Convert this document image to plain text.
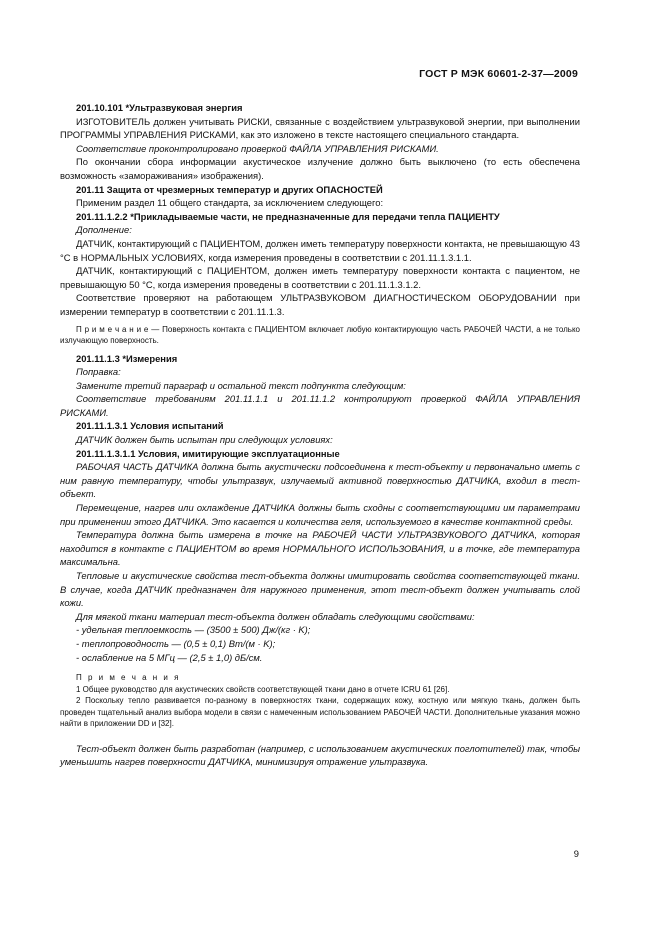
ГОСТ Р МЭК 60601-2-37—2009

201.10.101 *Ультразвуковая энергия

ИЗГОТОВИТЕЛЬ должен учитывать РИСКИ, связанные с воздействием ультразвуковой энергии, при выполнении ПРОГРАММЫ УПРАВЛЕНИЯ РИСКАМИ, как это изложено в тексте настоящего специального стандарта.

Соответствие проконтролировано проверкой ФАЙЛА УПРАВЛЕНИЯ РИСКАМИ.

По окончании сбора информации акустическое излучение должно быть выключено (то есть обеспечена возможность «замораживания» изображения).

201.11 Защита от чрезмерных температур и других ОПАСНОСТЕЙ

Применим раздел 11 общего стандарта, за исключением следующего:

201.11.1.2.2 *Прикладываемые части, не предназначенные для передачи тепла ПАЦИЕНТУ

Дополнение:

ДАТЧИК, контактирующий с ПАЦИЕНТОМ, должен иметь температуру поверхности контакта, не превышающую 43 °С в НОРМАЛЬНЫХ УСЛОВИЯХ, когда измерения проведены в соответствии с 201.11.1.3.1.1.

ДАТЧИК, контактирующий с ПАЦИЕНТОМ, должен иметь температуру поверхности контакта с пациентом, не превышающую 50 °С, когда измерения проведены в соответствии с 201.11.1.3.1.2.

Соответствие проверяют на работающем УЛЬТРАЗВУКОВОМ ДИАГНОСТИЧЕСКОМ ОБОРУДОВАНИИ при измерении температур в соответствии с 201.11.1.3.

П р и м е ч а н и е — Поверхность контакта с ПАЦИЕНТОМ включает любую контактирующую часть РАБОЧЕЙ ЧАСТИ, а не только излучающую поверхность.

201.11.1.3 *Измерения

Поправка:

Замените третий параграф и остальной текст подпункта следующим:

Соответствие требованиям 201.11.1.1 и 201.11.1.2 контролируют проверкой ФАЙЛА УПРАВЛЕНИЯ РИСКАМИ.

201.11.1.3.1 Условия испытаний

ДАТЧИК должен быть испытан при следующих условиях:

201.11.1.3.1.1 Условия, имитирующие эксплуатационные

РАБОЧАЯ ЧАСТЬ ДАТЧИКА должна быть акустически подсоединена к тест-объекту и первоначально иметь с ним равную температуру, чтобы ультразвук, излучаемый активной поверхностью ДАТЧИКА, входил в тест-объект.

Перемещение, нагрев или охлаждение ДАТЧИКА должны быть сходны с соответствующими им параметрами при применении этого ДАТЧИКА. Это касается и количества геля, используемого в качестве контактной среды.

Температура должна быть измерена в точке на РАБОЧЕЙ ЧАСТИ УЛЬТРАЗВУКОВОГО ДАТЧИКА, которая находится в контакте с ПАЦИЕНТОМ во время НОРМАЛЬНОГО ИСПОЛЬЗОВАНИЯ, и в точке, где температура максимальна.

Тепловые и акустические свойства тест-объекта должны имитировать свойства соответствующей ткани. В случае, когда ДАТЧИК предназначен для наружного применения, этот тест-объект должен учитывать слой кожи.

Для мягкой ткани материал тест-объекта должен обладать следующими свойствами:

- удельная теплоемкость — (3500 ± 500) Дж/(кг · K);

- теплопроводность — (0,5 ± 0,1) Вт/(м · K);

- ослабление на 5 МГц — (2,5 ± 1,0) дБ/см.

П р и м е ч а н и я

1 Общее руководство для акустических свойств соответствующей ткани дано в отчете ICRU 61 [26].

2 Поскольку тепло развивается по-разному в поверхностях ткани, содержащих кожу, костную или мягкую ткань, должен быть проведен тщательный анализ выбора модели в связи с намеченным использованием РАБОЧЕЙ ЧАСТИ. Дополнительные указания можно найти в приложении DD и [32].

Тест-объект должен быть разработан (например, с использованием акустических поглотителей) так, чтобы уменьшить нагрев поверхности ДАТЧИКА, минимизируя отражение ультразвука.

9
